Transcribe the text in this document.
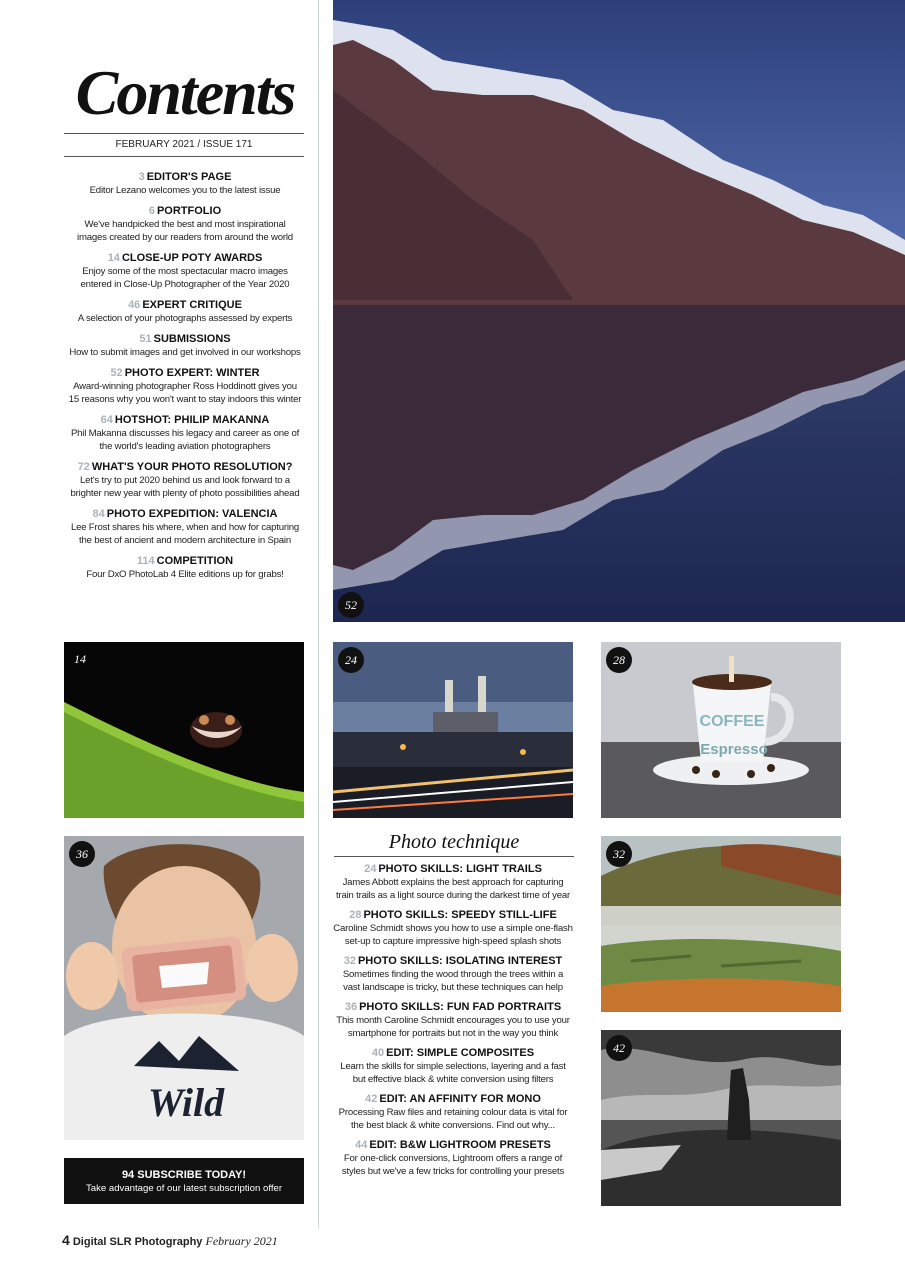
Contents
FEBRUARY 2021 / ISSUE 171
3 EDITOR'S PAGE
Editor Lezano welcomes you to the latest issue
6 PORTFOLIO
We've handpicked the best and most inspirational
images created by our readers from around the world
14 CLOSE-UP POTY AWARDS
Enjoy some of the most spectacular macro images
entered in Close-Up Photographer of the Year 2020
46 EXPERT CRITIQUE
A selection of your photographs assessed by experts
51 SUBMISSIONS
How to submit images and get involved in our workshops
52 PHOTO EXPERT: WINTER
Award-winning photographer Ross Hoddinott gives you
15 reasons why you won't want to stay indoors this winter
64 HOTSHOT: PHILIP MAKANNA
Phil Makanna discusses his legacy and career as one of
the world's leading aviation photographers
72 WHAT'S YOUR PHOTO RESOLUTION?
Let's try to put 2020 behind us and look forward to a
brighter new year with plenty of photo possibilities ahead
84 PHOTO EXPEDITION: VALENCIA
Lee Frost shares his where, when and how for capturing
the best of ancient and modern architecture in Spain
114 COMPETITION
Four DxO PhotoLab 4 Elite editions up for grabs!
52
14	24
COFFEE
Espresso
28
Wild
36	32
42
Photo technique
24 PHOTO SKILLS: LIGHT TRAILS
James Abbott explains the best approach for capturing
train trails as a light source during the darkest time of year
28 PHOTO SKILLS: SPEEDY STILL-LIFE
Caroline Schmidt shows you how to use a simple one-flash
set-up to capture impressive high-speed splash shots
32 PHOTO SKILLS: ISOLATING INTEREST
Sometimes finding the wood through the trees within a
vast landscape is tricky, but these techniques can help
36 PHOTO SKILLS: FUN FAD PORTRAITS
This month Caroline Schmidt encourages you to use your
smartphone for portraits but not in the way you think
40 EDIT: SIMPLE COMPOSITES
Learn the skills for simple selections, layering and a fast
but effective black & white conversion using filters
42 EDIT: AN AFFINITY FOR MONO
Processing Raw files and retaining colour data is vital for
the best black & white conversions. Find out why...
44 EDIT: B&W LIGHTROOM PRESETS
For one-click conversions, Lightroom offers a range of
styles but we've a few tricks for controlling your presets
94 SUBSCRIBE TODAY!
Take advantage of our latest subscription offer
4 Digital SLR Photography February 2021
